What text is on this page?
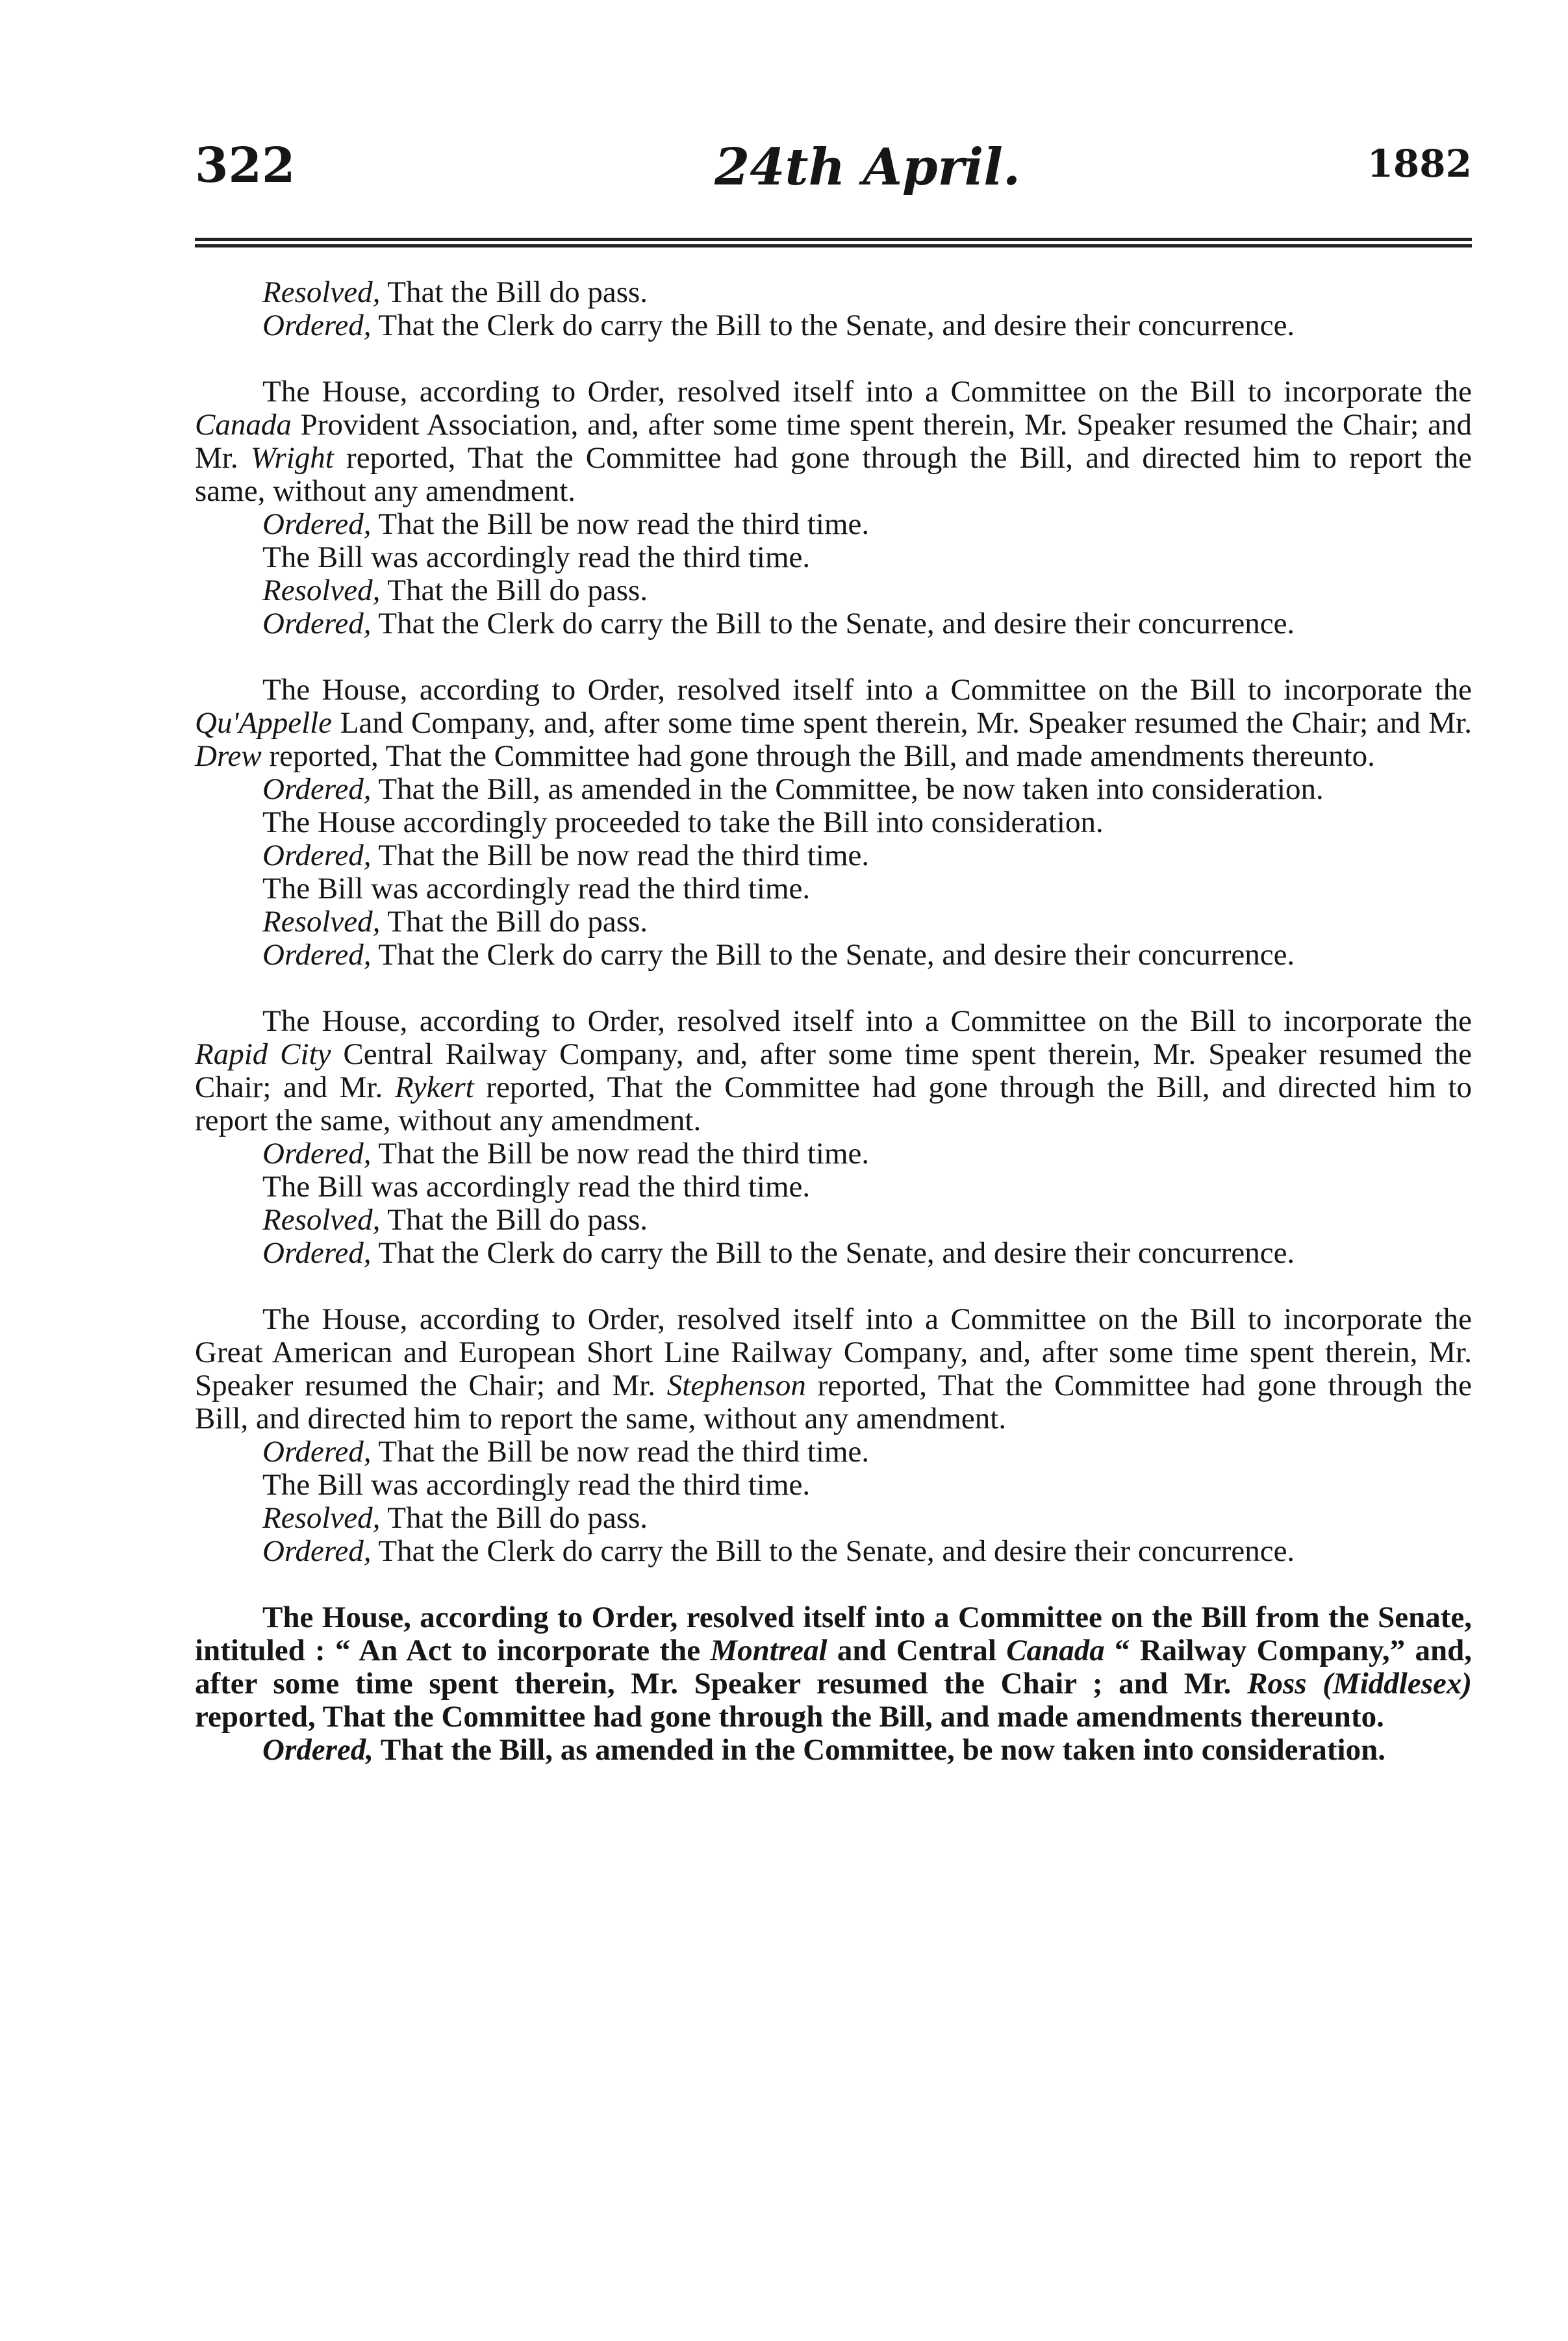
322	24th April.	1882

Resolved, That the Bill do pass.

Ordered, That the Clerk do carry the Bill to the Senate, and desire their concurrence.

The House, according to Order, resolved itself into a Committee on the Bill to incorporate the Canada Provident Association, and, after some time spent therein, Mr. Speaker resumed the Chair; and Mr. Wright reported, That the Committee had gone through the Bill, and directed him to report the same, without any amendment.

Ordered, That the Bill be now read the third time.

The Bill was accordingly read the third time.

Resolved, That the Bill do pass.

Ordered, That the Clerk do carry the Bill to the Senate, and desire their concurrence.

The House, according to Order, resolved itself into a Committee on the Bill to incorporate the Qu'Appelle Land Company, and, after some time spent therein, Mr. Speaker resumed the Chair; and Mr. Drew reported, That the Committee had gone through the Bill, and made amendments thereunto.

Ordered, That the Bill, as amended in the Committee, be now taken into consideration.

The House accordingly proceeded to take the Bill into consideration.

Ordered, That the Bill be now read the third time.

The Bill was accordingly read the third time.

Resolved, That the Bill do pass.

Ordered, That the Clerk do carry the Bill to the Senate, and desire their concurrence.

The House, according to Order, resolved itself into a Committee on the Bill to incorporate the Rapid City Central Railway Company, and, after some time spent therein, Mr. Speaker resumed the Chair; and Mr. Rykert reported, That the Committee had gone through the Bill, and directed him to report the same, without any amendment.

Ordered, That the Bill be now read the third time.

The Bill was accordingly read the third time.

Resolved, That the Bill do pass.

Ordered, That the Clerk do carry the Bill to the Senate, and desire their concurrence.

The House, according to Order, resolved itself into a Committee on the Bill to incorporate the Great American and European Short Line Railway Company, and, after some time spent therein, Mr. Speaker resumed the Chair; and Mr. Stephenson reported, That the Committee had gone through the Bill, and directed him to report the same, without any amendment.

Ordered, That the Bill be now read the third time.

The Bill was accordingly read the third time.

Resolved, That the Bill do pass.

Ordered, That the Clerk do carry the Bill to the Senate, and desire their concurrence.

The House, according to Order, resolved itself into a Committee on the Bill from the Senate, intituled : “ An Act to incorporate the Montreal and Central Canada “ Railway Company,” and, after some time spent therein, Mr. Speaker resumed the Chair ; and Mr. Ross (Middlesex) reported, That the Committee had gone through the Bill, and made amendments thereunto.

Ordered, That the Bill, as amended in the Committee, be now taken into consideration.
